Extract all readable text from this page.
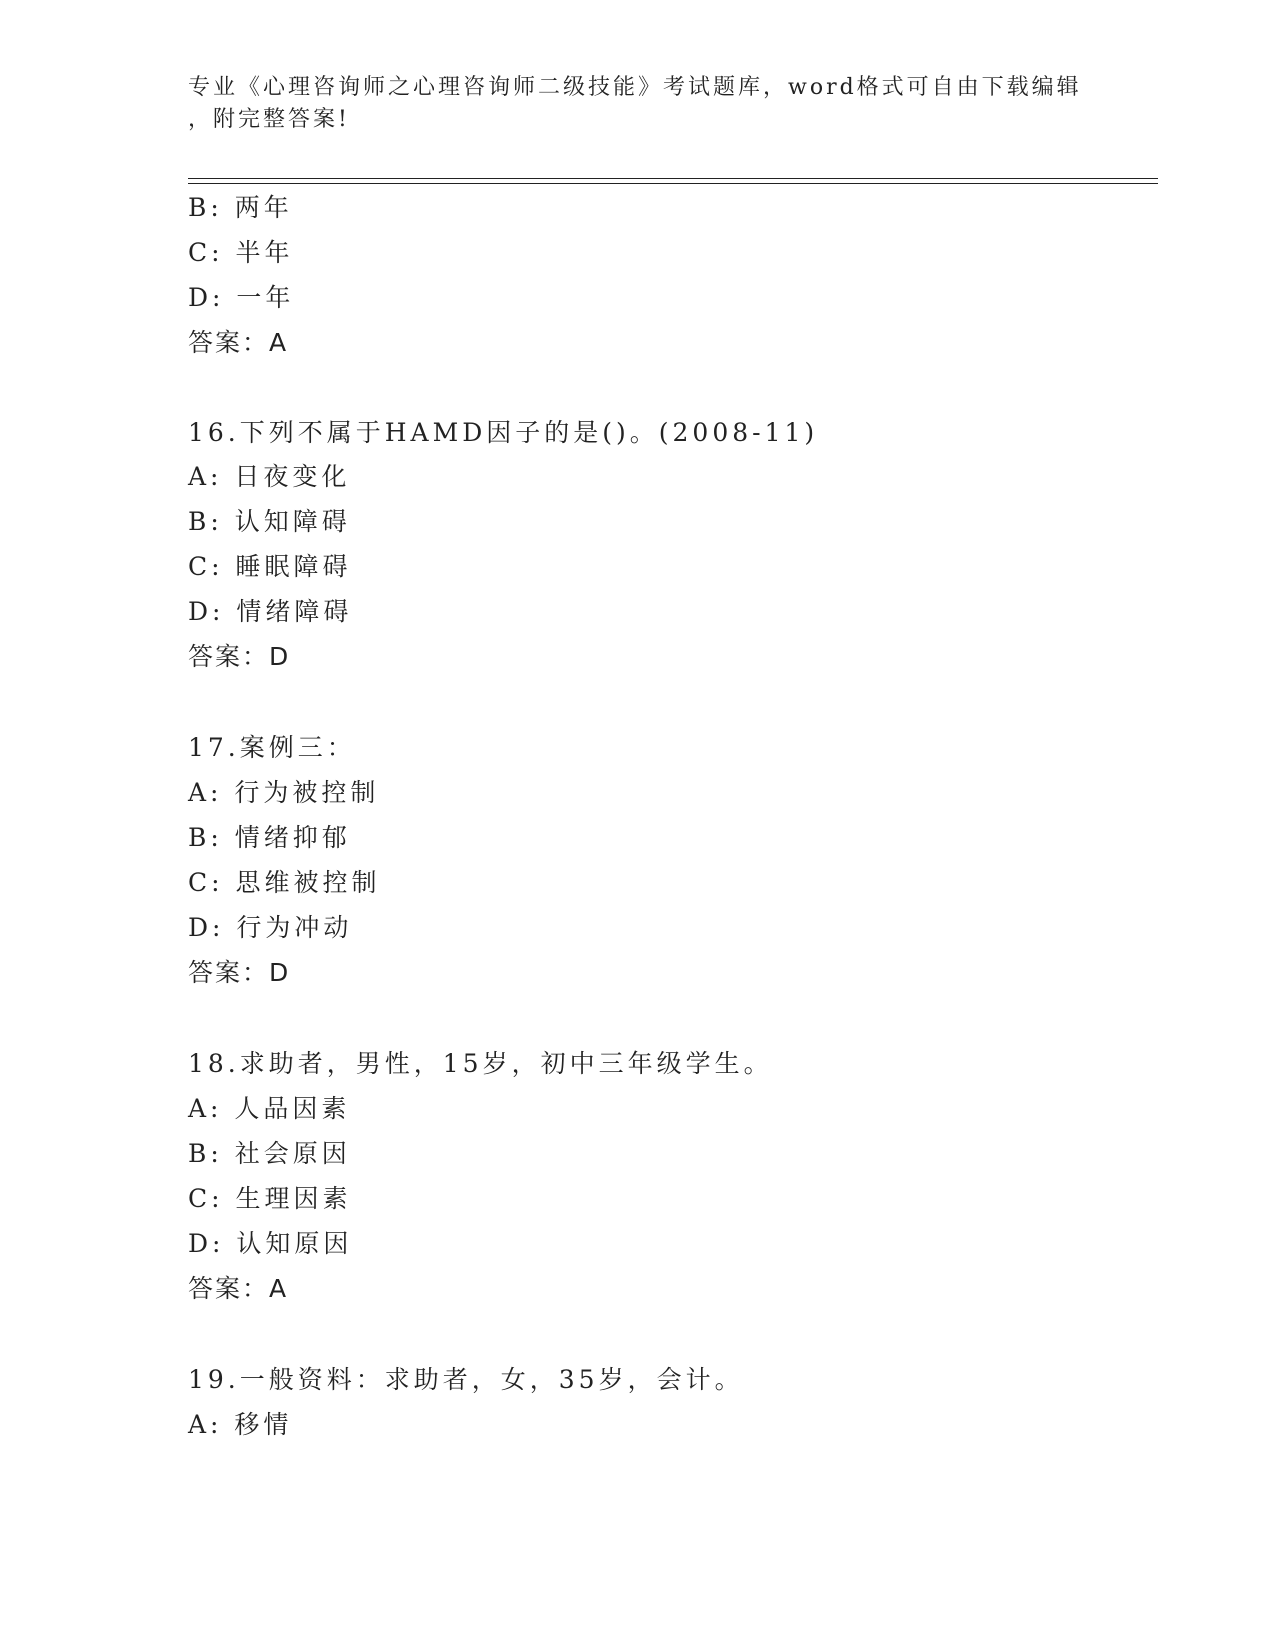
专业《心理咨询师之心理咨询师二级技能》考试题库，word格式可自由下载编辑
，附完整答案!
B: 两年
C: 半年
D: 一年
答案：A
16.下列不属于HAMD因子的是()。(2008-11)
A: 日夜变化
B: 认知障碍
C: 睡眠障碍
D: 情绪障碍
答案：D
17.案例三：
A: 行为被控制
B: 情绪抑郁
C: 思维被控制
D: 行为冲动
答案：D
18.求助者，男性，15岁，初中三年级学生。
A: 人品因素
B: 社会原因
C: 生理因素
D: 认知原因
答案：A
19.一般资料：求助者，女，35岁，会计。
A: 移情
